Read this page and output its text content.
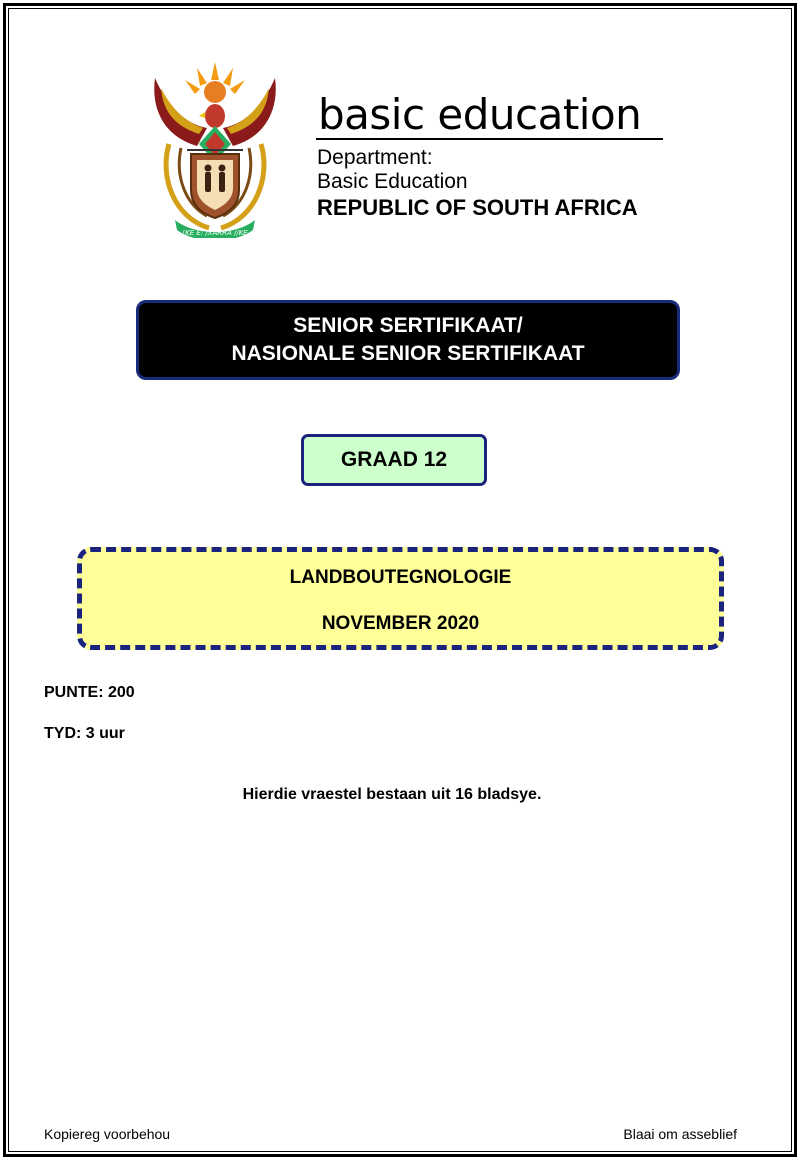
!KE E: /XARRA //KE
basic education
Department:
Basic Education
REPUBLIC OF SOUTH AFRICA
SENIOR SERTIFIKAAT/
NASIONALE SENIOR SERTIFIKAAT
GRAAD 12
LANDBOUTEGNOLOGIE
NOVEMBER 2020
PUNTE: 200
TYD: 3 uur
Hierdie vraestel bestaan uit 16 bladsye.
Kopiereg voorbehou	Blaai om asseblief
